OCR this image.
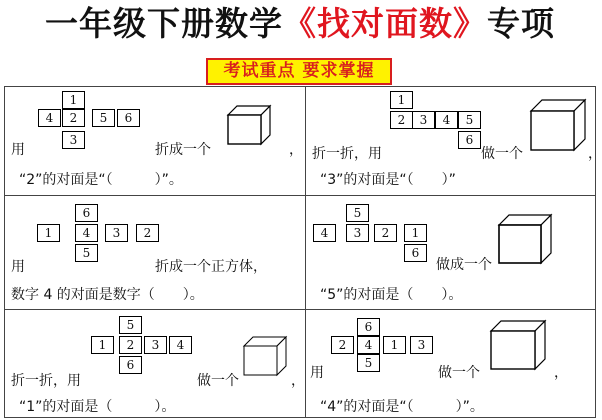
一年级下册数学《找对面数》专项
考试重点 要求掌握
1
4	2	5	6
3
用	折成一个	，
“2”的对面是“（　　　）”。
1
2	3	4	5
6
折一折，用	做一个	，
“3”的对面是“（　　）”
6
1	4	3	2
5
用	折成一个正方体，
数字 4 的对面是数字（　　）。
5
4	3	2	1
6
做成一个
“5”的对面是（　　）。
5
1	2	3	4
6
折一折，用	做一个	，
“1”的对面是（　　　）。
6
2	4	1	3
5
用	做一个	，
“4”的对面是“（　　　）”。
